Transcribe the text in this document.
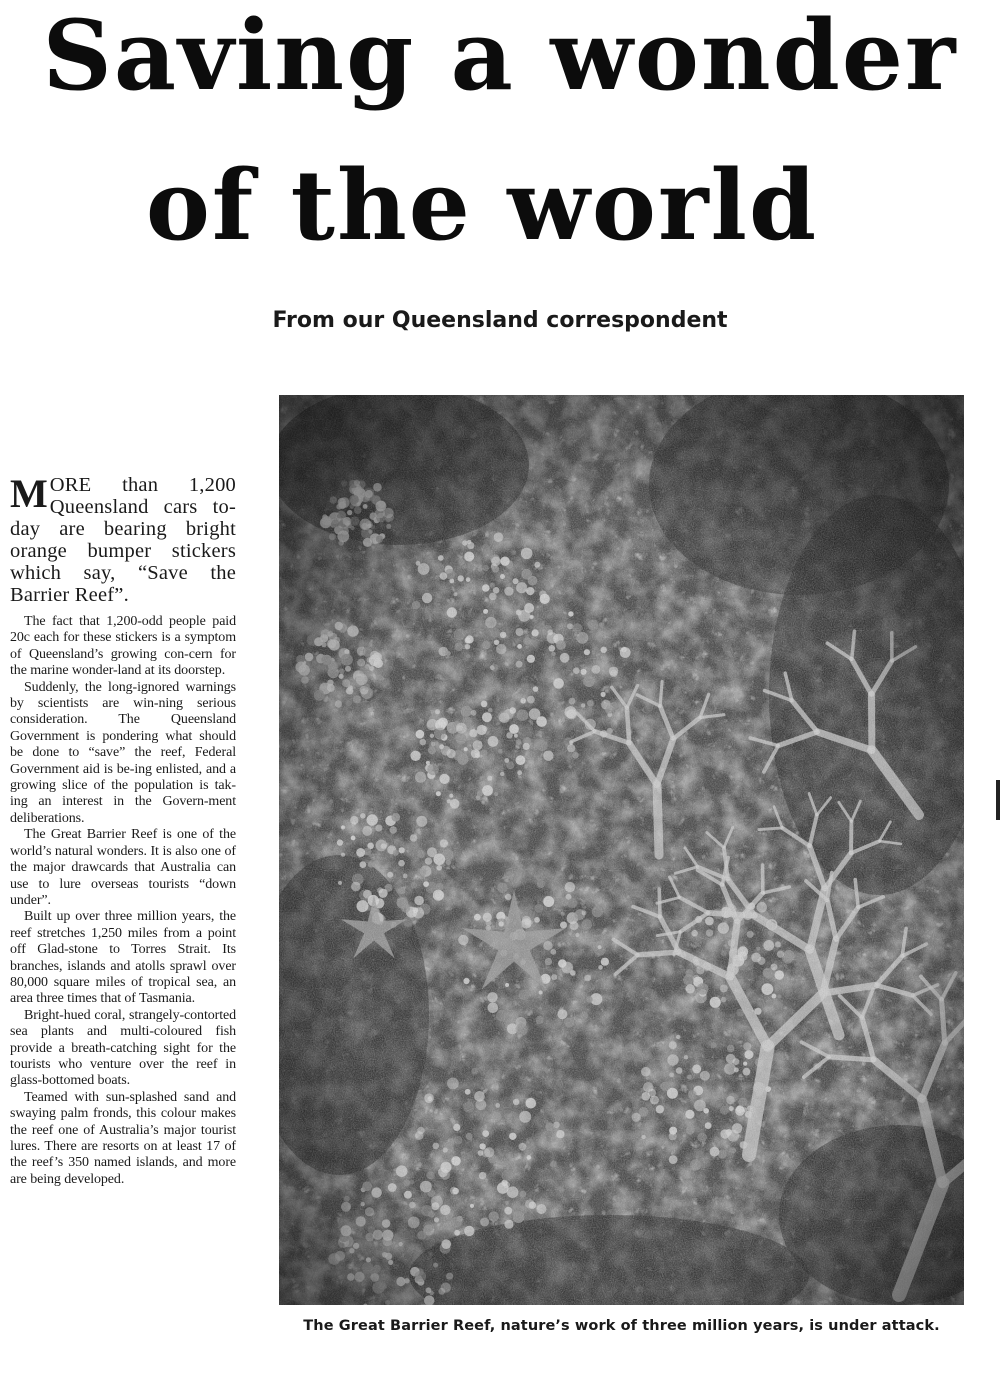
Saving a wonder
of the world
From our Queensland correspondent

MORE than 1,200 Queensland cars to-day are bearing bright orange bumper stickers which say, “Save the Barrier Reef”.

The fact that 1,200-odd people paid 20c each for these stickers is a symptom of Queensland’s growing con-cern for the marine wonder-land at its doorstep.

Suddenly, the long-ignored warnings by scientists are win-ning serious consideration. The Queensland Government is pondering what should be done to “save” the reef, Federal Government aid is be-ing enlisted, and a growing slice of the population is tak-ing an interest in the Govern-ment deliberations.

The Great Barrier Reef is one of the world’s natural wonders. It is also one of the major drawcards that Australia can use to lure overseas tourists “down under”.

Built up over three million years, the reef stretches 1,250 miles from a point off Glad-stone to Torres Strait. Its branches, islands and atolls sprawl over 80,000 square miles of tropical sea, an area three times that of Tasmania.

Bright-hued coral, strangely-contorted sea plants and multi-coloured fish provide a breath-catching sight for the tourists who venture over the reef in glass-bottomed boats.

Teamed with sun-splashed sand and swaying palm fronds, this colour makes the reef one of Australia’s major tourist lures. There are resorts on at least 17 of the reef’s 350 named islands, and more are being developed.

The Great Barrier Reef, nature’s work of three million years, is under attack.
